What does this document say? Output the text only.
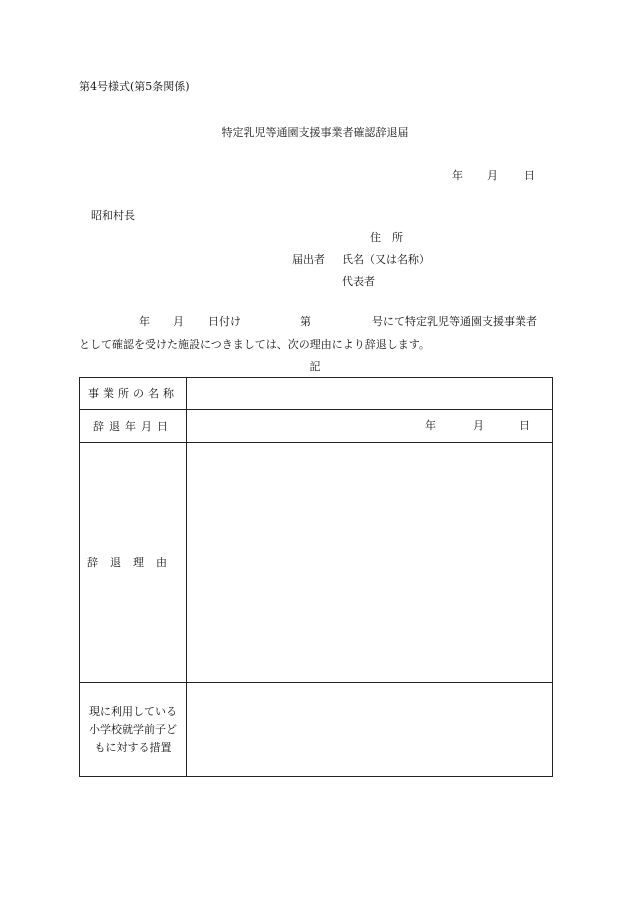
第4号様式(第5条関係)
特定乳児等通園支援事業者確認辞退届
年 月 日
昭和村長
住　所
届出者 氏名（又は名称）
代表者
年 月 日付け	第	号にて特定乳児等通園支援事業者
として確認を受けた施設につきましては、次の理由により辞退します。
記
事業所の名称	
辞退年月日	年 月 日

辞退理由	

現に利用している
小学校就学前子ど
もに対する措置	
